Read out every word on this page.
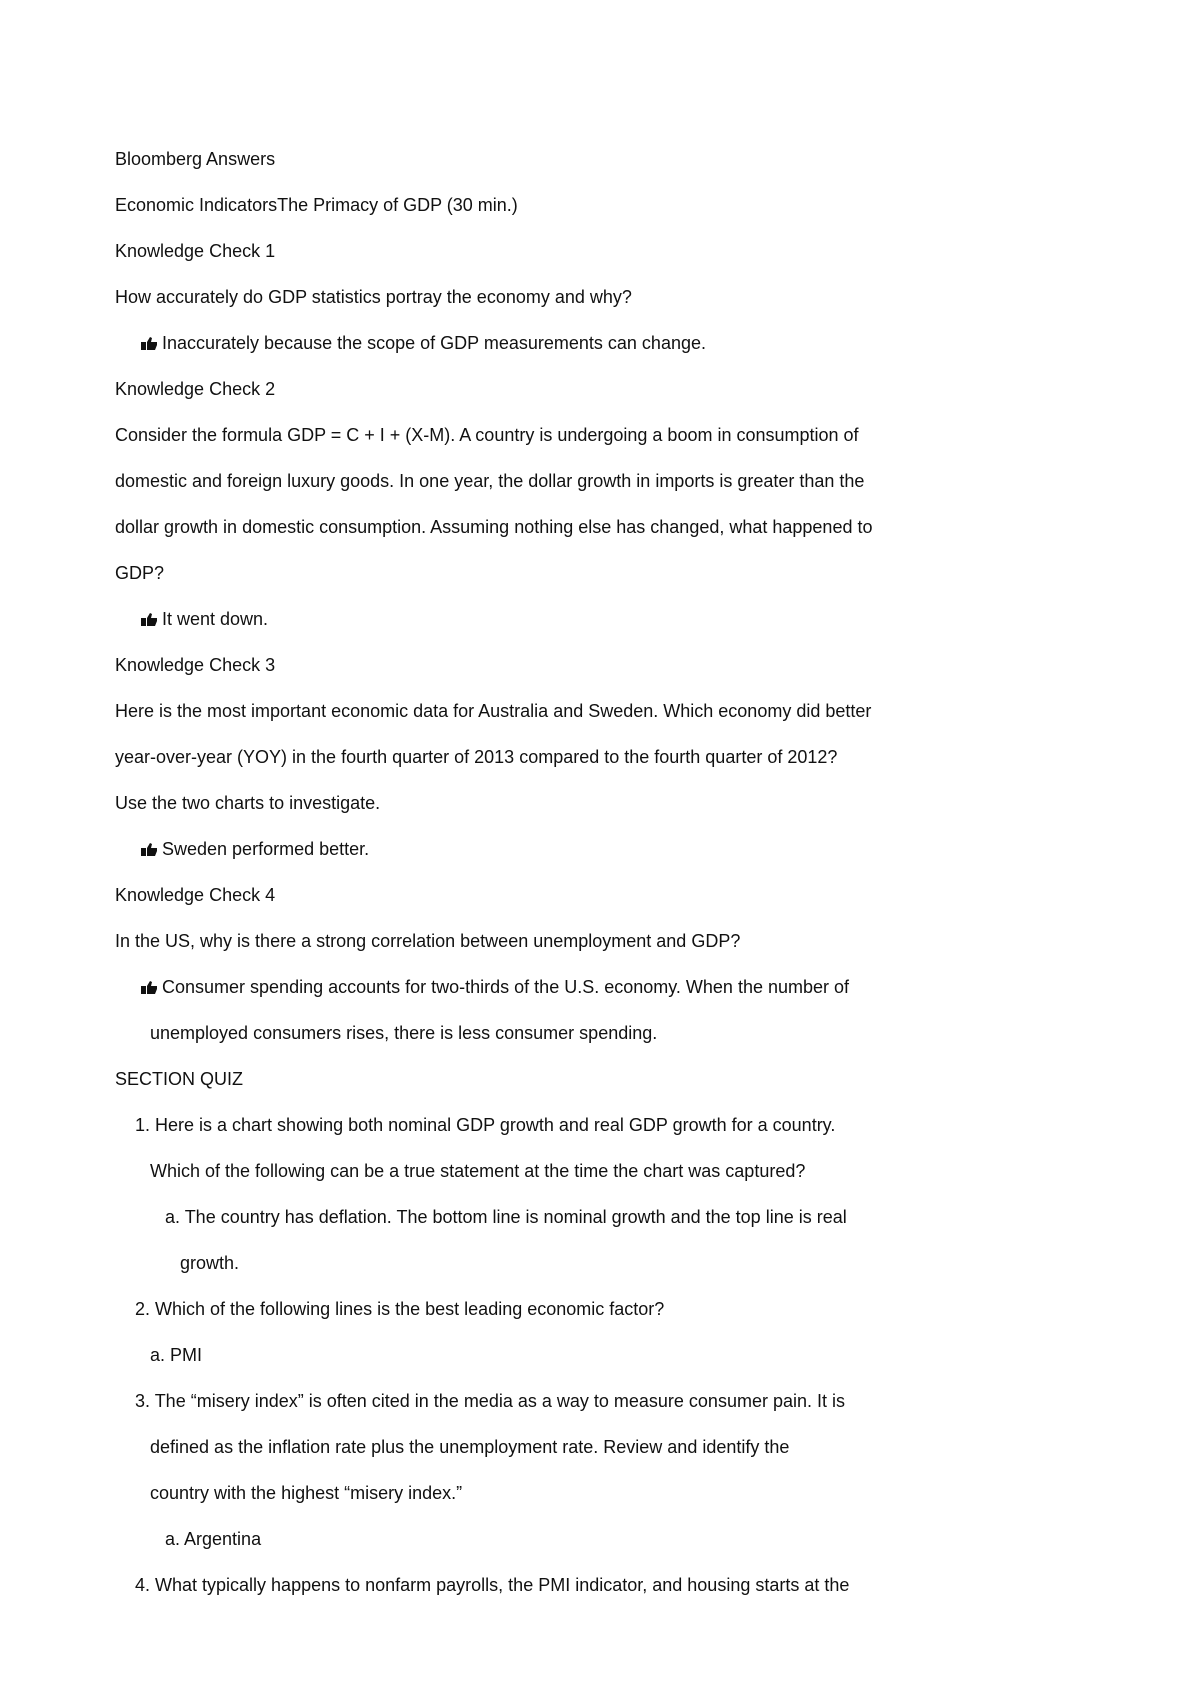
Bloomberg Answers
Economic IndicatorsThe Primacy of GDP (30 min.)
Knowledge Check 1
How accurately do GDP statistics portray the economy and why?
Inaccurately because the scope of GDP measurements can change.
Knowledge Check 2
Consider the formula GDP = C + I + (X-M). A country is undergoing a boom in consumption of
domestic and foreign luxury goods. In one year, the dollar growth in imports is greater than the
dollar growth in domestic consumption. Assuming nothing else has changed, what happened to
GDP?
It went down.
Knowledge Check 3
Here is the most important economic data for Australia and Sweden. Which economy did better
year-over-year (YOY) in the fourth quarter of 2013 compared to the fourth quarter of 2012?
Use the two charts to investigate.
Sweden performed better.
Knowledge Check 4
In the US, why is there a strong correlation between unemployment and GDP?
Consumer spending accounts for two-thirds of the U.S. economy. When the number of
unemployed consumers rises, there is less consumer spending.
SECTION QUIZ
1. Here is a chart showing both nominal GDP growth and real GDP growth for a country.
Which of the following can be a true statement at the time the chart was captured?
a. The country has deflation. The bottom line is nominal growth and the top line is real
growth.
2. Which of the following lines is the best leading economic factor?
a. PMI
3. The “misery index” is often cited in the media as a way to measure consumer pain. It is
defined as the inflation rate plus the unemployment rate. Review and identify the
country with the highest “misery index.”
a. Argentina
4. What typically happens to nonfarm payrolls, the PMI indicator, and housing starts at the
